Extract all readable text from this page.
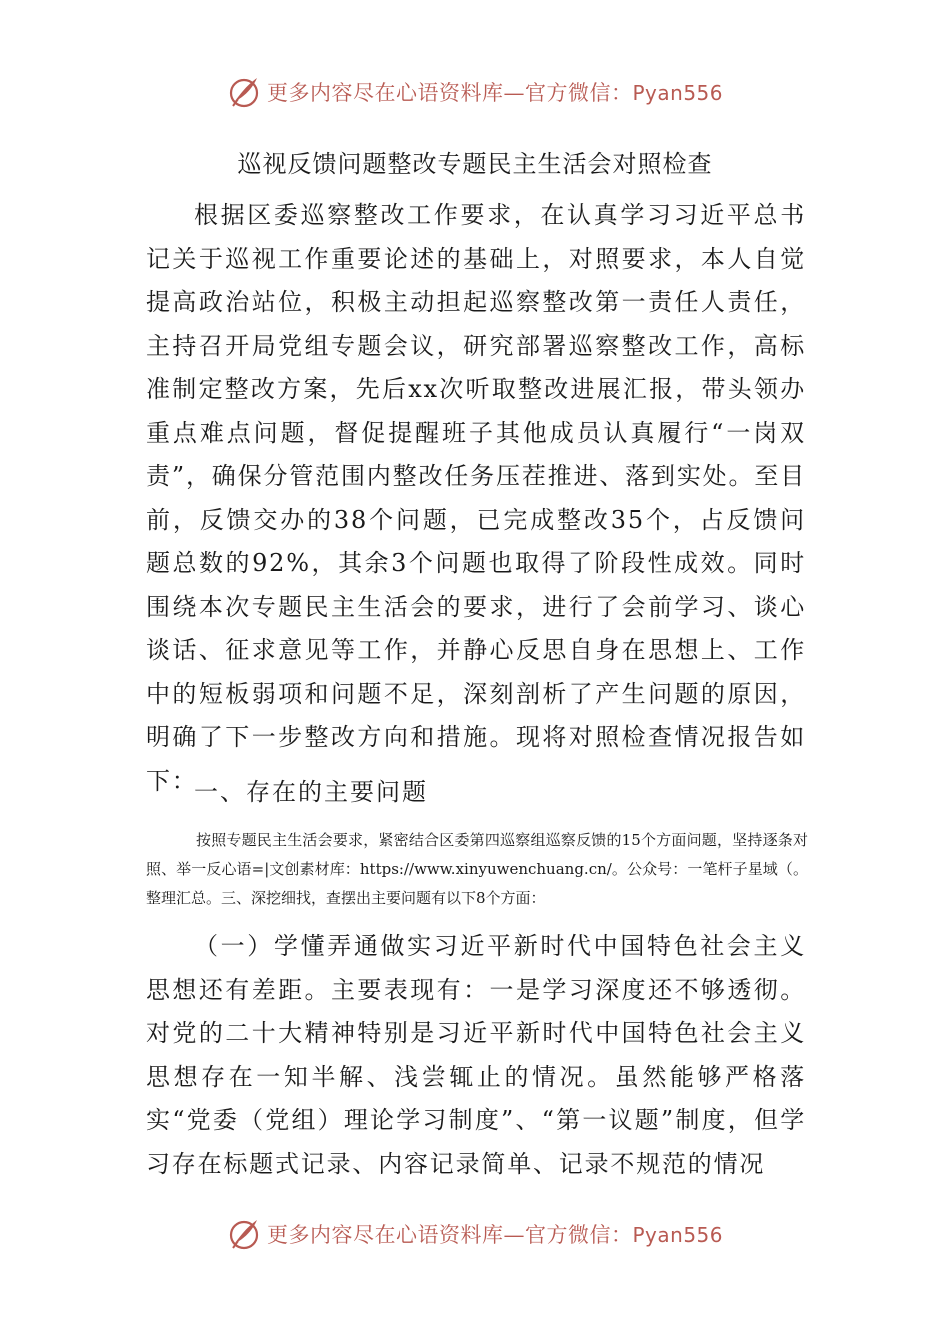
更多内容尽在心语资料库—官方微信：Pyan556
巡视反馈问题整改专题民主生活会对照检查

根据区委巡察整改工作要求，在认真学习习近平总书记关于巡视工作重要论述的基础上，对照要求，本人自觉提高政治站位，积极主动担起巡察整改第一责任人责任，主持召开局党组专题会议，研究部署巡察整改工作，高标准制定整改方案，先后xx次听取整改进展汇报，带头领办重点难点问题，督促提醒班子其他成员认真履行“一岗双责”，确保分管范围内整改任务压茬推进、落到实处。至目前，反馈交办的38个问题，已完成整改35个，占反馈问题总数的92%，其余3个问题也取得了阶段性成效。同时围绕本次专题民主生活会的要求，进行了会前学习、谈心谈话、征求意见等工作，并静心反思自身在思想上、工作中的短板弱项和问题不足，深刻剖析了产生问题的原因，明确了下一步整改方向和措施。现将对照检查情况报告如下：

一、存在的主要问题

按照专题民主生活会要求，紧密结合区委第四巡察组巡察反馈的15个方面问题，坚持逐条对照、举一反心语=|文创素材库：https://www.xinyuwenchuang.cn/。公众号：一笔杆子星域（。整理汇总。三、深挖细找，查摆出主要问题有以下8个方面：

（一）学懂弄通做实习近平新时代中国特色社会主义思想还有差距。主要表现有：一是学习深度还不够透彻。对党的二十大精神特别是习近平新时代中国特色社会主义思想存在一知半解、浅尝辄止的情况。虽然能够严格落实“党委（党组）理论学习制度”、“第一议题”制度，但学习存在标题式记录、内容记录简单、记录不规范的情况

更多内容尽在心语资料库—官方微信：Pyan556
